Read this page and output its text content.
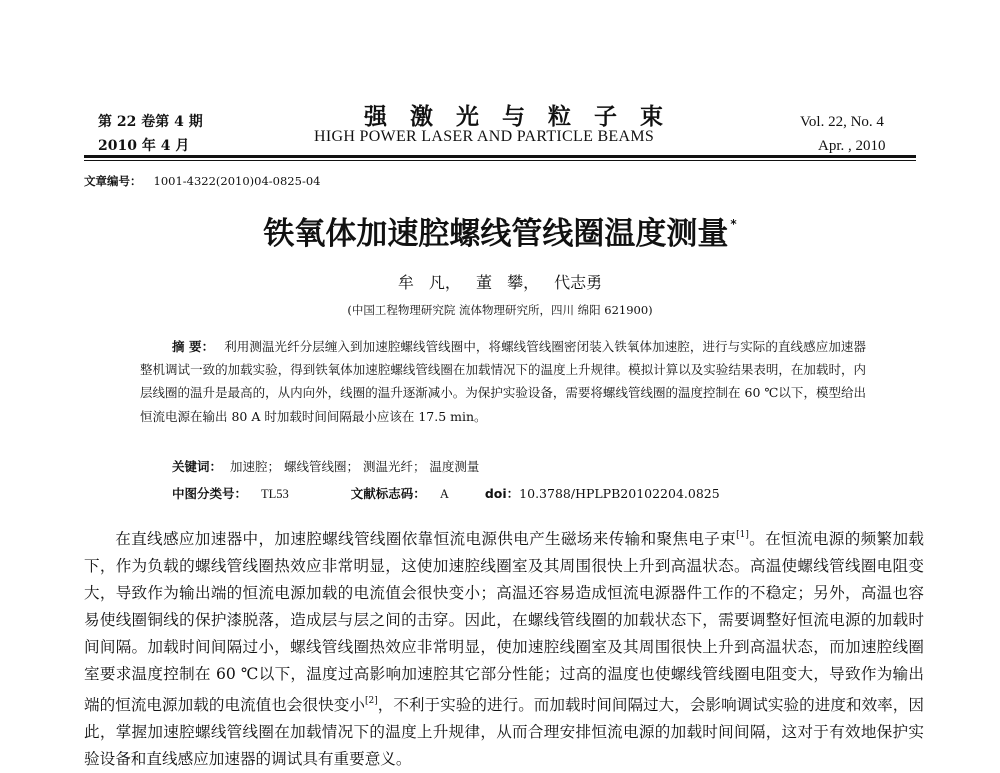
第 22 卷第 4 期
2010 年 4 月
强激光与粒子束
HIGH POWER LASER AND PARTICLE BEAMS
Vol. 22, No. 4
Apr. , 2010
文章编号： 1001-4322(2010)04-0825-04
铁氧体加速腔螺线管线圈温度测量 *
牟 凡， 董 攀， 代志勇
(中国工程物理研究院 流体物理研究所，四川 绵阳 621900)
摘 要： 利用测温光纤分层缠入到加速腔螺线管线圈中，将螺线管线圈密闭装入铁氧体加速腔，进行与实际的直线感应加速器整机调试一致的加载实验，得到铁氧体加速腔螺线管线圈在加载情况下的温度上升规律。模拟计算以及实验结果表明，在加载时，内层线圈的温升是最高的，从内向外，线圈的温升逐渐减小。为保护实验设备，需要将螺线管线圈的温度控制在 60 ℃以下，模型给出恒流电源在输出 80 A 时加载时间间隔最小应该在 17.5 min。
关键词： 加速腔； 螺线管线圈； 测温光纤； 温度测量
中图分类号： TL53	文献标志码： A	doi：10.3788/HPLPB20102204.0825

在直线感应加速器中，加速腔螺线管线圈依靠恒流电源供电产生磁场来传输和聚焦电子束[1]。在恒流电源的频繁加载下，作为负载的螺线管线圈热效应非常明显，这使加速腔线圈室及其周围很快上升到高温状态。高温使螺线管线圈电阻变大，导致作为输出端的恒流电源加载的电流值会很快变小；高温还容易造成恒流电源器件工作的不稳定；另外，高温也容易使线圈铜线的保护漆脱落，造成层与层之间的击穿。因此，在螺线管线圈的加载状态下，需要调整好恒流电源的加载时间间隔。加载时间间隔过小，螺线管线圈热效应非常明显，使加速腔线圈室及其周围很快上升到高温状态，而加速腔线圈室要求温度控制在 60 ℃以下，温度过高影响加速腔其它部分性能；过高的温度也使螺线管线圈电阻变大，导致作为输出端的恒流电源加载的电流值也会很快变小[2]，不利于实验的进行。而加载时间间隔过大，会影响调试实验的进度和效率，因此，掌握加速腔螺线管线圈在加载情况下的温度上升规律，从而合理安排恒流电源的加载时间间隔，这对于有效地保护实验设备和直线感应加速器的调试具有重要意义。
